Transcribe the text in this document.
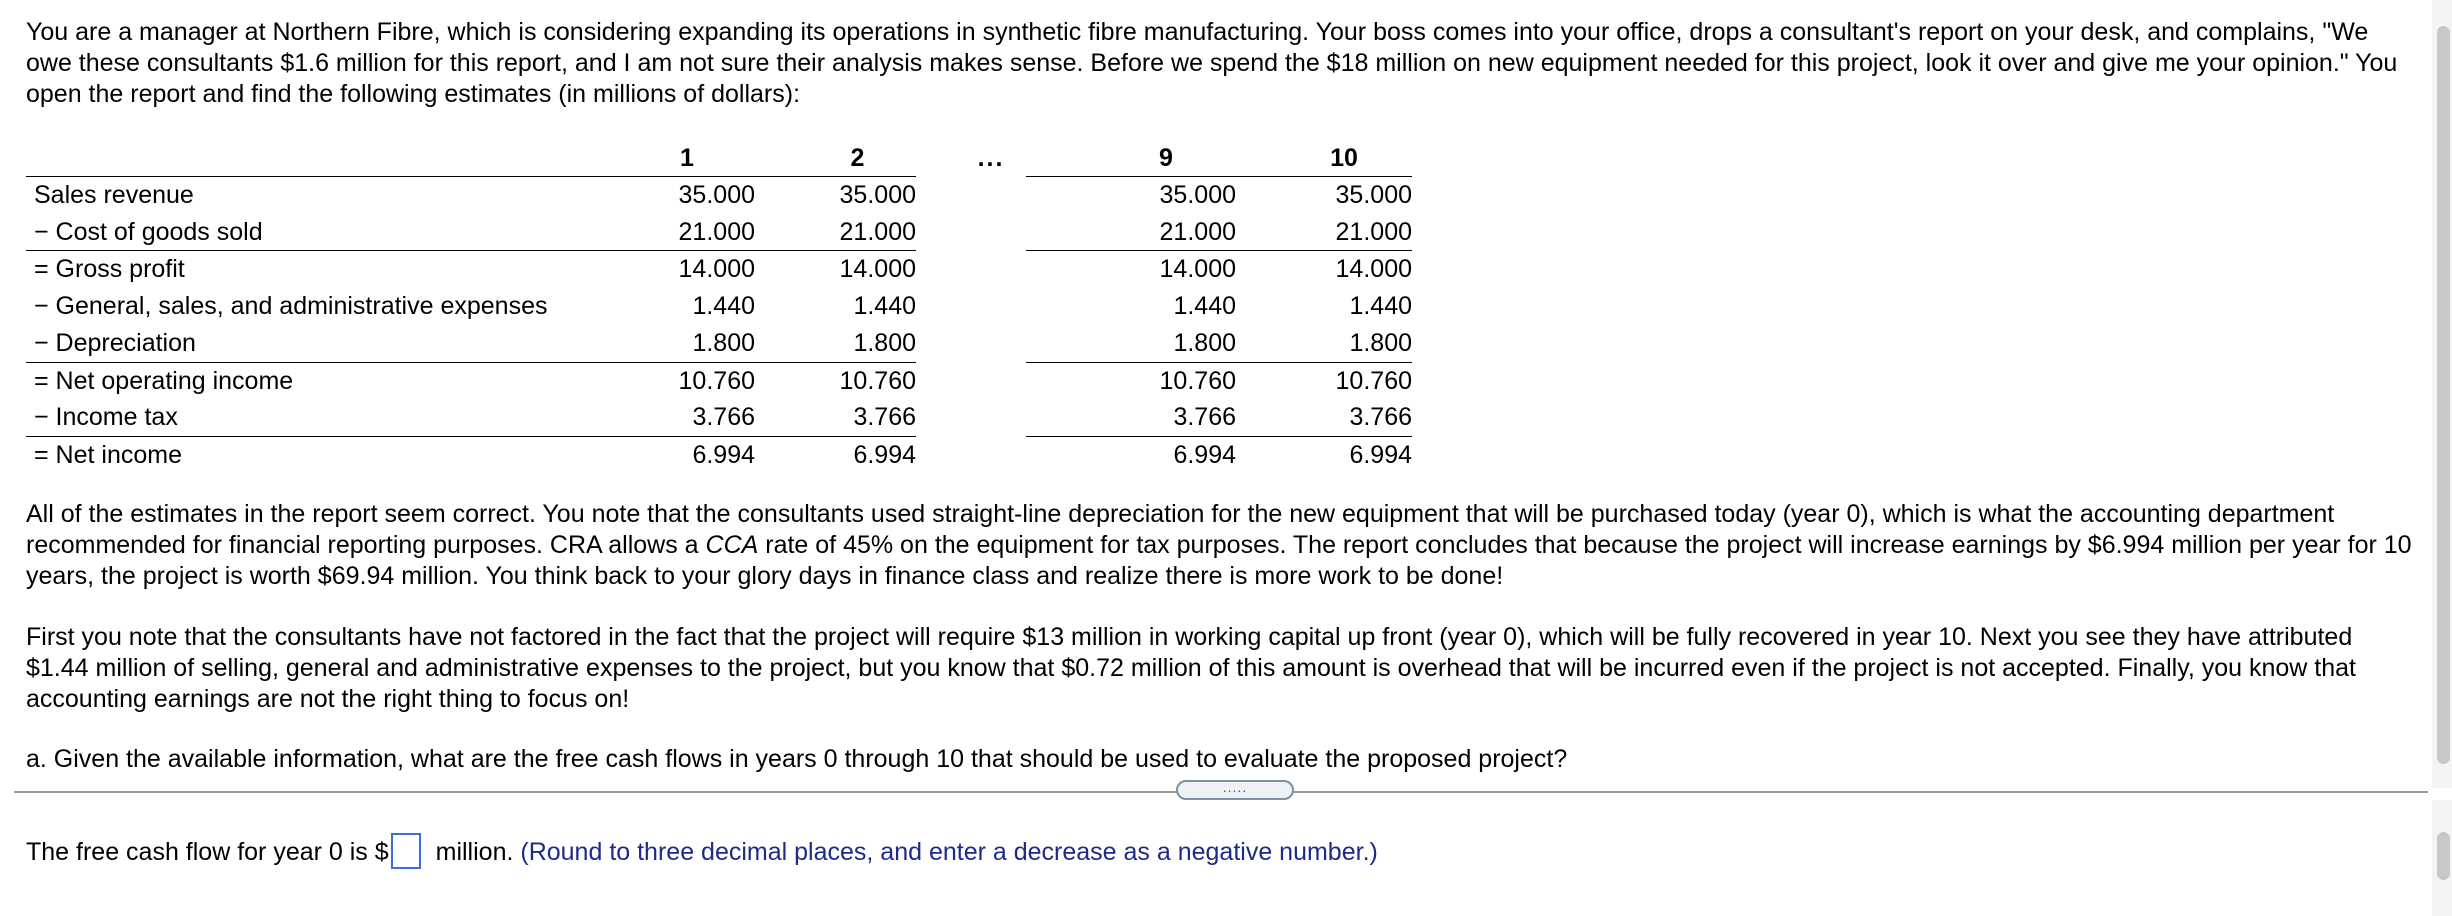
You are a manager at Northern Fibre, which is considering expanding its operations in synthetic fibre manufacturing. Your boss comes into your office, drops a consultant's report on your desk, and complains, "We owe these consultants $1.6 million for this report, and I am not sure their analysis makes sense. Before we spend the $18 million on new equipment needed for this project, look it over and give me your opinion." You open the report and find the following estimates (in millions of dollars):

	1	2	...	9	10
Sales revenue	35.000	35.000		35.000	35.000
− Cost of goods sold	21.000	21.000		21.000	21.000
= Gross profit	14.000	14.000		14.000	14.000
− General, sales, and administrative expenses	1.440	1.440		1.440	1.440
− Depreciation	1.800	1.800		1.800	1.800
= Net operating income	10.760	10.760		10.760	10.760
− Income tax	3.766	3.766		3.766	3.766
= Net income	6.994	6.994		6.994	6.994

All of the estimates in the report seem correct. You note that the consultants used straight-line depreciation for the new equipment that will be purchased today (year 0), which is what the accounting department recommended for financial reporting purposes. CRA allows a CCA rate of 45% on the equipment for tax purposes. The report concludes that because the project will increase earnings by $6.994 million per year for 10 years, the project is worth $69.94 million. You think back to your glory days in finance class and realize there is more work to be done!

First you note that the consultants have not factored in the fact that the project will require $13 million in working capital up front (year 0), which will be fully recovered in year 10. Next you see they have attributed $1.44 million of selling, general and administrative expenses to the project, but you know that $0.72 million of this amount is overhead that will be incurred even if the project is not accepted. Finally, you know that accounting earnings are not the right thing to focus on!

a. Given the available information, what are the free cash flows in years 0 through 10 that should be used to evaluate the proposed project?

.....
The free cash flow for year 0 is $ million. (Round to three decimal places, and enter a decrease as a negative number.)
